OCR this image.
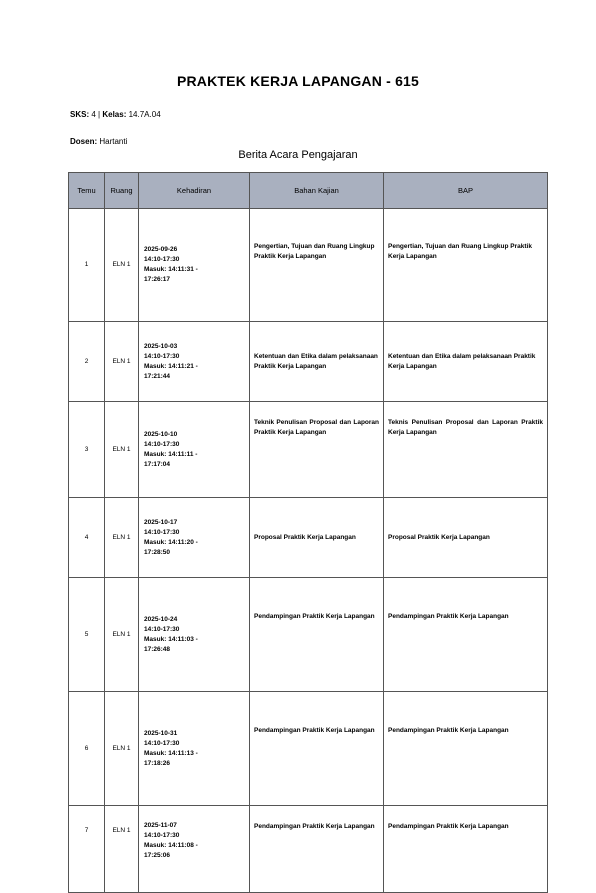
PRAKTEK KERJA LAPANGAN - 615
SKS: 4 | Kelas: 14.7A.04
Dosen: Hartanti
Berita Acara Pengajaran
Temu	Ruang	Kehadiran	Bahan Kajian	BAP
1	ELN 1	2025-09-26
14:10-17:30
Masuk: 14:11:31 -
17:26:17	Pengertian, Tujuan dan Ruang Lingkup Praktik Kerja Lapangan	Pengertian, Tujuan dan Ruang Lingkup Praktik Kerja Lapangan
2	ELN 1	2025-10-03
14:10-17:30
Masuk: 14:11:21 -
17:21:44	Ketentuan dan Etika dalam pelaksanaan Praktik Kerja Lapangan	Ketentuan dan Etika dalam pelaksanaan Praktik Kerja Lapangan
3	ELN 1	2025-10-10
14:10-17:30
Masuk: 14:11:11 -
17:17:04	Teknik Penulisan Proposal dan Laporan Praktik Kerja Lapangan	Teknis Penulisan Proposal dan Laporan Praktik Kerja Lapangan
4	ELN 1	2025-10-17
14:10-17:30
Masuk: 14:11:20 -
17:28:50	Proposal Praktik Kerja Lapangan	Proposal Praktik Kerja Lapangan
5	ELN 1	2025-10-24
14:10-17:30
Masuk: 14:11:03 -
17:26:48	Pendampingan Praktik Kerja Lapangan	Pendampingan Praktik Kerja Lapangan
6	ELN 1	2025-10-31
14:10-17:30
Masuk: 14:11:13 -
17:18:26	Pendampingan Praktik Kerja Lapangan	Pendampingan Praktik Kerja Lapangan
7	ELN 1	2025-11-07
14:10-17:30
Masuk: 14:11:08 -
17:25:06	Pendampingan Praktik Kerja Lapangan	Pendampingan Praktik Kerja Lapangan
